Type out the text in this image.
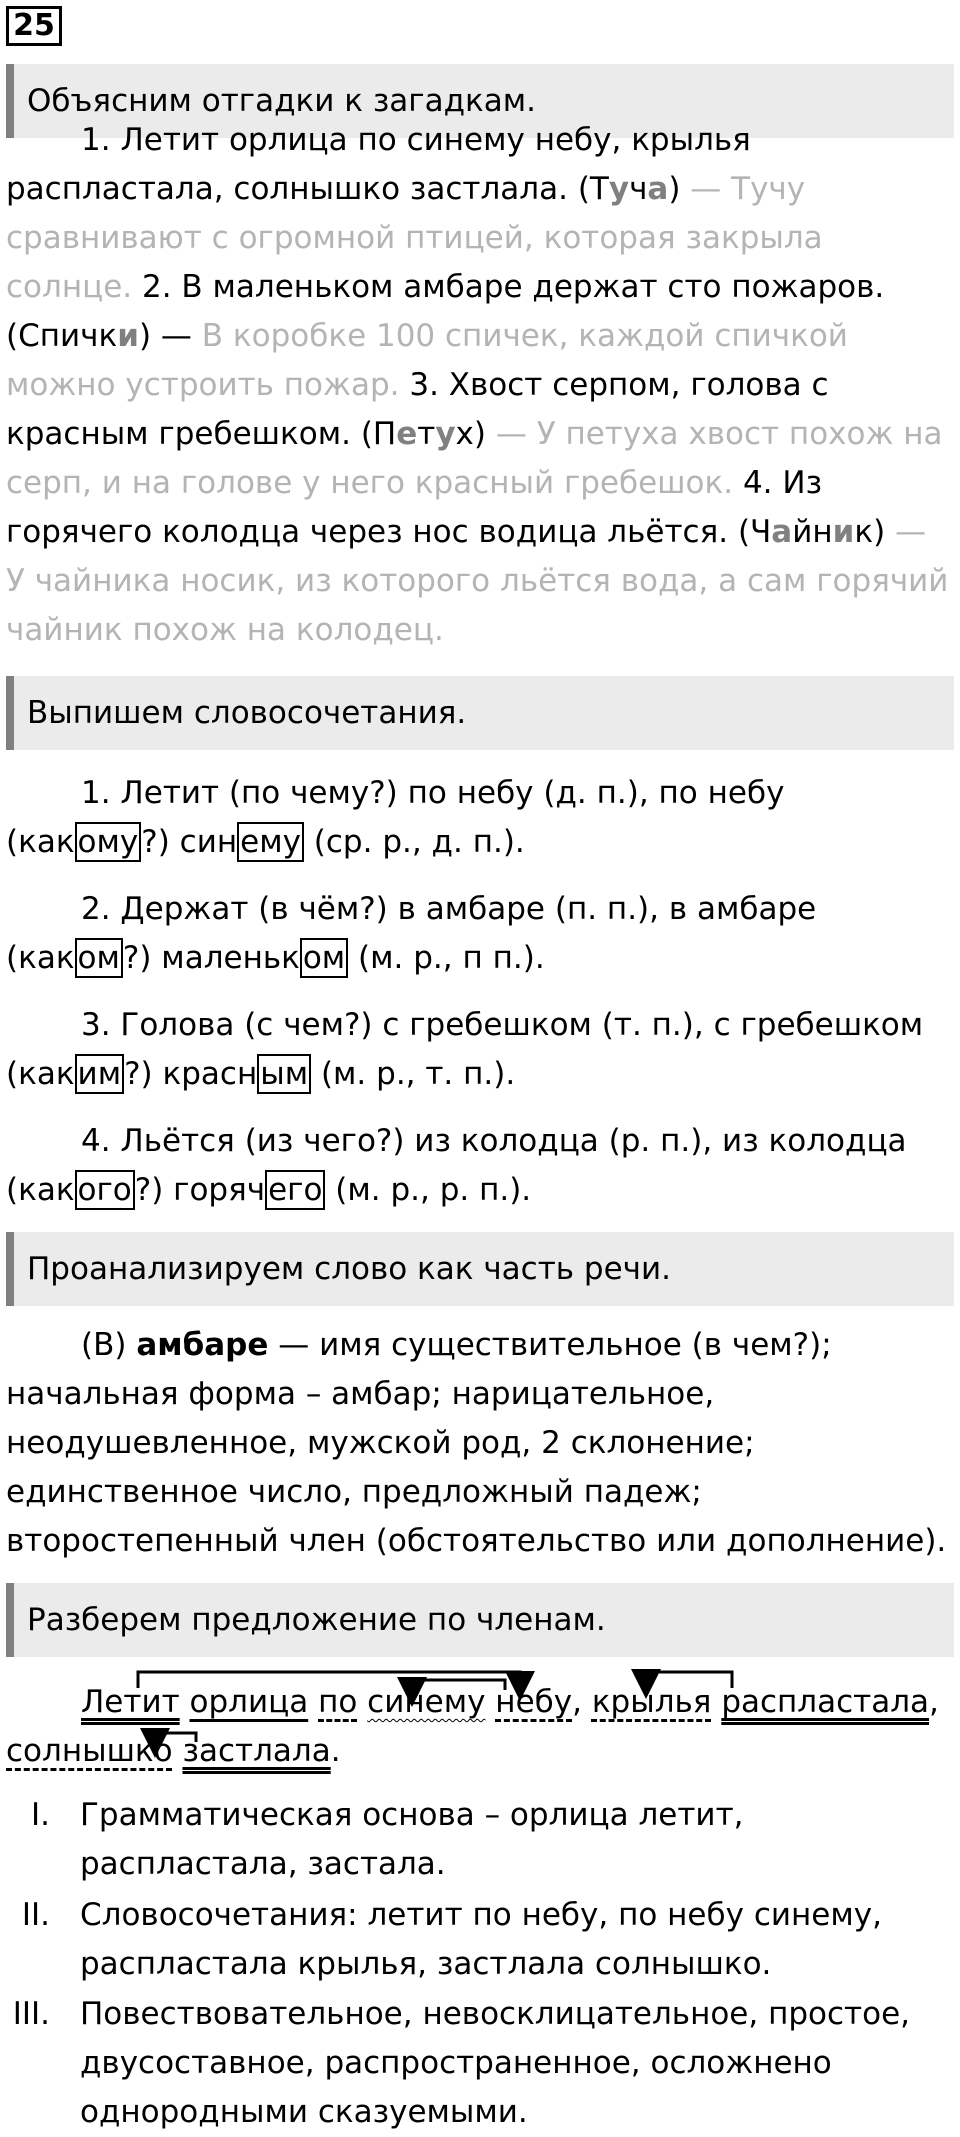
25
Объясним отгадки к загадкам.
1. Летит орлица по синему небу, крылья распластала, солнышко застлала. (Туча) — Тучу сравнивают с огромной птицей, которая закрыла солнце. 2. В маленьком амбаре держат сто пожаров. (Спички) — В коробке 100 спичек, каждой спичкой можно устроить пожар. 3. Хвост серпом, голова с красным гребешком. (Петух) — У петуха хвост похож на серп, и на голове у него красный гребешок. 4. Из горячего колодца через нос водица льётся. (Чайник) — У чайника носик, из которого льётся вода, а сам горячий чайник похож на колодец.
Выпишем словосочетания.
1. Летит (по чему?) по небу (д. п.), по небу (какому?) синему (ср. р., д. п.).
2. Держат (в чём?) в амбаре (п. п.), в амбаре (каком?) маленьком (м. р., п п.).
3. Голова (с чем?) с гребешком (т. п.), с гребешком (каким?) красным (м. р., т. п.).
4. Льётся (из чего?) из колодца (р. п.), из колодца (какого?) горячего (м. р., р. п.).
Проанализируем слово как часть речи.
(В) амбаре — имя существительное (в чем?); начальная форма – амбар; нарицательное, неодушевленное, мужской род, 2 склонение; единственное число, предложный падеж; второстепенный член (обстоятельство или дополнение).
Разберем предложение по членам.
Летит орлица по синему небу, крылья распластала, солнышко застлала.
I. Грамматическая основа – орлица летит, распластала, застала.
II. Словосочетания: летит по небу, по небу синему, распластала крылья, застлала солнышко.
III. Повествовательное, невосклицательное, простое, двусоставное, распространенное, осложнено однородными сказуемыми.
